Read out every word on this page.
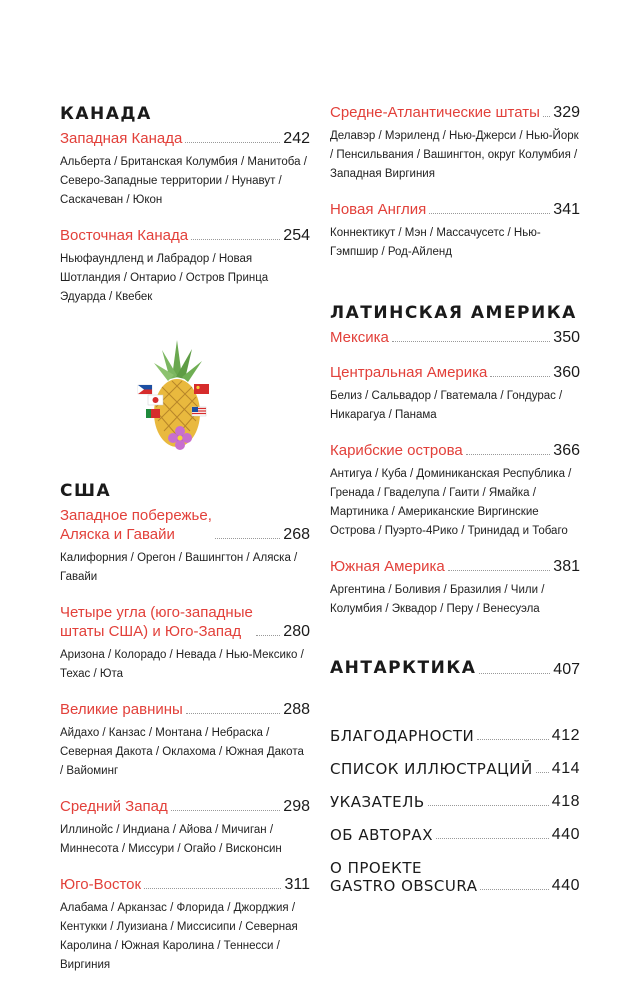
КАНАДА
Западная Канада	242
Альберта / Британская Колумбия / Манитоба / Северо-Западные территории / Нунавут / Саскачеван / Юкон
Восточная Канада	254
Ньюфаундленд и Лабрадор / Новая Шотландия / Онтарио / Остров Принца Эдуарда / Квебек
США
Западное побережье,
Аляска и Гавайи	268
Калифорния / Орегон / Вашингтон / Аляска / Гавайи
Четыре угла (юго-западные
штаты США) и Юго-Запад	280
Аризона / Колорадо / Невада / Нью-Мексико / Техас / Юта
Великие равнины	288
Айдахо / Канзас / Монтана / Небраска / Северная Дакота / Оклахома / Южная Дакота / Вайоминг
Средний Запад	298
Иллинойс / Индиана / Айова / Мичиган / Миннесота / Миссури / Огайо / Висконсин
Юго-Восток	311
Алабама / Арканзас / Флорида / Джорджия / Кентукки / Луизиана / Миссисипи / Северная Каролина / Южная Каролина / Теннесси / Виргиния
Средне-Атлантические штаты 329
Делавэр / Мэриленд / Нью-Джерси / Нью-Йорк / Пенсильвания / Вашингтон, округ Колумбия / Западная Виргиния
Новая Англия	341
Коннектикут / Мэн / Массачусетс / Нью-Гэмпшир / Род-Айленд
ЛАТИНСКАЯ АМЕРИКА
Мексика	350
Центральная Америка	360
Белиз / Сальвадор / Гватемала / Гондурас / Никарагуа / Панама
Карибские острова	366
Антигуа / Куба / Доминиканская Республика / Гренада / Гваделупа / Гаити / Ямайка / Мартиника / Американские Виргинские Острова / Пуэрто-4Рико / Тринидад и Тобаго
Южная Америка	381
Аргентина / Боливия / Бразилия / Чили / Колумбия / Эквадор / Перу / Венесуэла
АНТАРКТИКА	407
БЛАГОДАРНОСТИ	412
СПИСОК ИЛЛЮСТРАЦИЙ 414
УКАЗАТЕЛЬ	418
ОБ АВТОРАХ	440
О ПРОЕКТЕ
GASTRO OBSCURA	440
